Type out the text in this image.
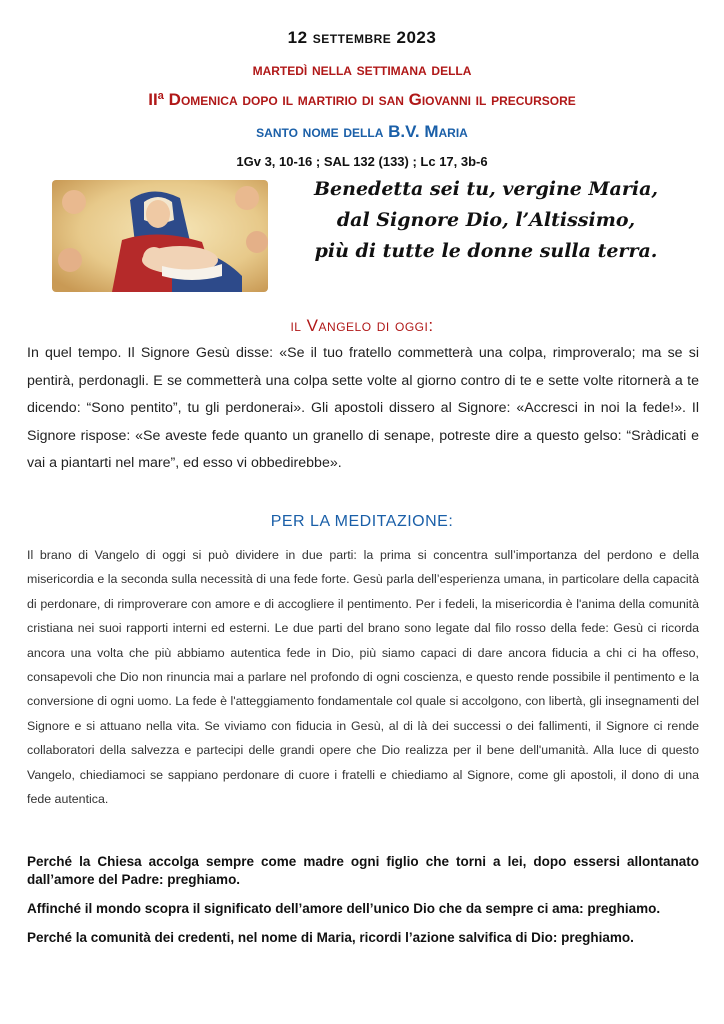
12 settembre 2023
martedì nella settimana della
IIª Domenica dopo il martirio di san Giovanni il precursore
santo nome della B.V. Maria
1Gv 3, 10-16 ; SAL 132 (133) ; Lc 17, 3b-6
Benedetta sei tu, vergine Maria,
dal Signore Dio, l’Altissimo,
più di tutte le donne sulla terra.
il Vangelo di oggi:
In quel tempo. Il Signore Gesù disse: «Se il tuo fratello commetterà una colpa, rimproveralo; ma se si pentirà, perdonagli. E se commetterà una colpa sette volte al giorno contro di te e sette volte ritornerà a te dicendo: “Sono pentito”, tu gli perdonerai». Gli apostoli dissero al Signore: «Accresci in noi la fede!». Il Signore rispose: «Se aveste fede quanto un granello di senape, potreste dire a questo gelso: “Sràdicati e vai a piantarti nel mare”, ed esso vi obbedirebbe».
PER LA MEDITAZIONE:
Il brano di Vangelo di oggi si può dividere in due parti: la prima si concentra sull’importanza del perdono e della misericordia e la seconda sulla necessità di una fede forte. Gesù parla dell’esperienza umana, in particolare della capacità di perdonare, di rimproverare con amore e di accogliere il pentimento. Per i fedeli, la misericordia è l'anima della comunità cristiana nei suoi rapporti interni ed esterni. Le due parti del brano sono legate dal filo rosso della fede: Gesù ci ricorda ancora una volta che più abbiamo autentica fede in Dio, più siamo capaci di dare ancora fiducia a chi ci ha offeso, consapevoli che Dio non rinuncia mai a parlare nel profondo di ogni coscienza, e questo rende possibile il pentimento e la conversione di ogni uomo. La fede è l'atteggiamento fondamentale col quale si accolgono, con libertà, gli insegnamenti del Signore e si attuano nella vita. Se viviamo con fiducia in Gesù, al di là dei successi o dei fallimenti, il Signore ci rende collaboratori della salvezza e partecipi delle grandi opere che Dio realizza per il bene dell'umanità. Alla luce di questo Vangelo, chiediamoci se sappiano perdonare di cuore i fratelli e chiediamo al Signore, come gli apostoli, il dono di una fede autentica.
Perché la Chiesa accolga sempre come madre ogni figlio che torni a lei, dopo essersi allontanato dall’amore del Padre: preghiamo.
Affinché il mondo scopra il significato dell’amore dell’unico Dio che da sempre ci ama: preghiamo.
Perché la comunità dei credenti, nel nome di Maria, ricordi l’azione salvifica di Dio: preghiamo.
